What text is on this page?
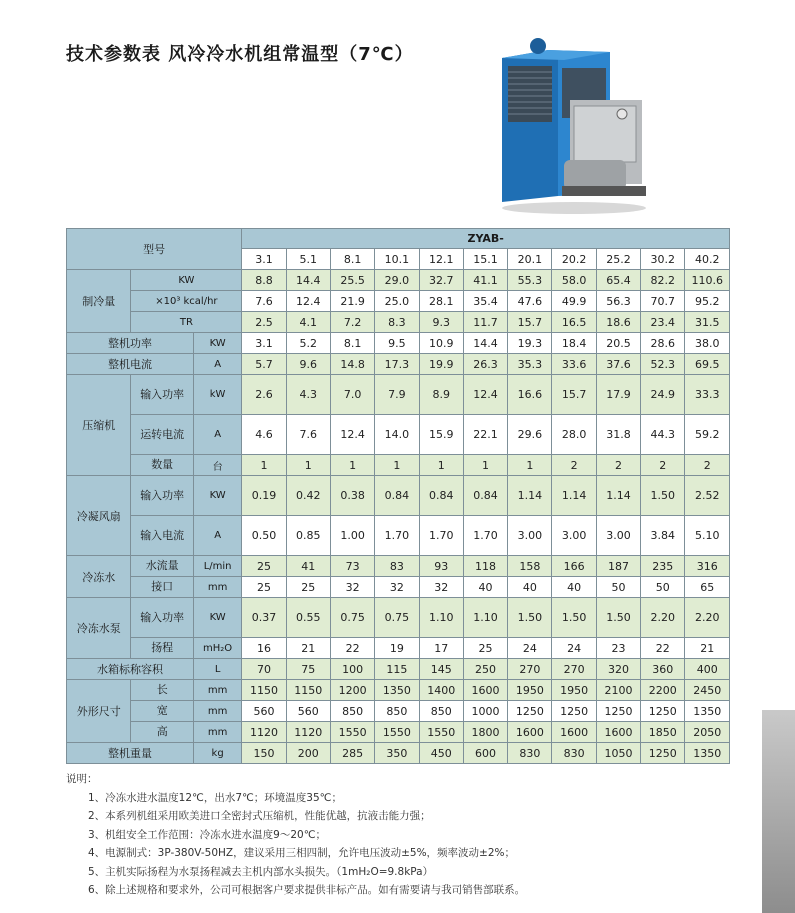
技术参数表 风冷冷水机组常温型（7℃）
型号			ZYAB-										
			3.1	5.1	8.1	10.1	12.1	15.1	20.1	20.2	25.2	30.2	40.2
制冷量	KW		8.8	14.4	25.5	29.0	32.7	41.1	55.3	58.0	65.4	82.2	110.6
	×10³ kcal/hr		7.6	12.4	21.9	25.0	28.1	35.4	47.6	49.9	56.3	70.7	95.2
	TR		2.5	4.1	7.2	8.3	9.3	11.7	15.7	16.5	18.6	23.4	31.5
整机功率		KW	3.1	5.2	8.1	9.5	10.9	14.4	19.3	18.4	20.5	28.6	38.0
整机电流		A	5.7	9.6	14.8	17.3	19.9	26.3	35.3	33.6	37.6	52.3	69.5
压缩机	输入功率	kW	2.6	4.3	7.0	7.9	8.9	12.4	16.6	15.7	17.9	24.9	33.3
	运转电流	A	4.6	7.6	12.4	14.0	15.9	22.1	29.6	28.0	31.8	44.3	59.2
	数量	台	1	1	1	1	1	1	1	2	2	2	2
冷凝风扇	输入功率	KW	0.19	0.42	0.38	0.84	0.84	0.84	1.14	1.14	1.14	1.50	2.52
	输入电流	A	0.50	0.85	1.00	1.70	1.70	1.70	3.00	3.00	3.00	3.84	5.10
冷冻水	水流量	L/min	25	41	73	83	93	118	158	166	187	235	316
	接口	mm	25	25	32	32	32	40	40	40	50	50	65
冷冻水泵	输入功率	KW	0.37	0.55	0.75	0.75	1.10	1.10	1.50	1.50	1.50	2.20	2.20
	扬程	mH₂O	16	21	22	19	17	25	24	24	23	22	21
水箱标称容积		L	70	75	100	115	145	250	270	270	320	360	400
外形尺寸	长	mm	1150	1150	1200	1350	1400	1600	1950	1950	2100	2200	2450
	宽	mm	560	560	850	850	850	1000	1250	1250	1250	1250	1350
	高	mm	1120	1120	1550	1550	1550	1800	1600	1600	1600	1850	2050
整机重量		kg	150	200	285	350	450	600	830	830	1050	1250	1350
说明：
1、冷冻水进水温度12℃，出水7℃；环境温度35℃；
2、本系列机组采用欧美进口全密封式压缩机，性能优越，抗液击能力强；
3、机组安全工作范围：冷冻水进水温度9～20℃；
4、电源制式：3P-380V-50HZ，建议采用三相四制，允许电压波动±5%，频率波动±2%；
5、主机实际扬程为水泵扬程减去主机内部水头损失。（1mH₂O=9.8kPa）
6、除上述规格和要求外，公司可根据客户要求提供非标产品。如有需要请与我司销售部联系。
